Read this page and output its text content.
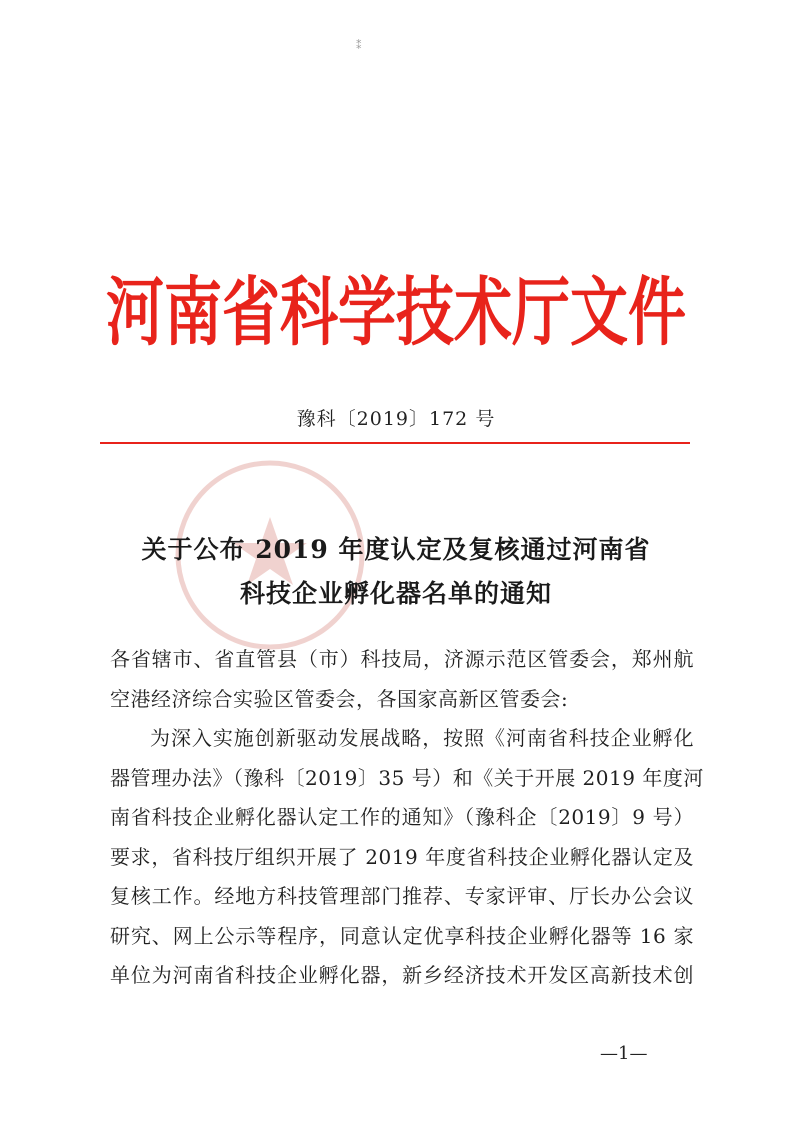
⁑
河南省科学技术厅文件
豫科〔2019〕172 号
关于公布 2019 年度认定及复核通过河南省
科技企业孵化器名单的通知
各省辖市、省直管县（市）科技局，济源示范区管委会，郑州航
空港经济综合实验区管委会，各国家高新区管委会:
为深入实施创新驱动发展战略，按照《河南省科技企业孵化
器管理办法》（豫科〔2019〕35 号）和《关于开展 2019 年度河
南省科技企业孵化器认定工作的通知》（豫科企〔2019〕9 号）
要求，省科技厅组织开展了 2019 年度省科技企业孵化器认定及
复核工作。经地方科技管理部门推荐、专家评审、厅长办公会议
研究、网上公示等程序，同意认定优享科技企业孵化器等 16 家
单位为河南省科技企业孵化器，新乡经济技术开发区高新技术创
—1—
